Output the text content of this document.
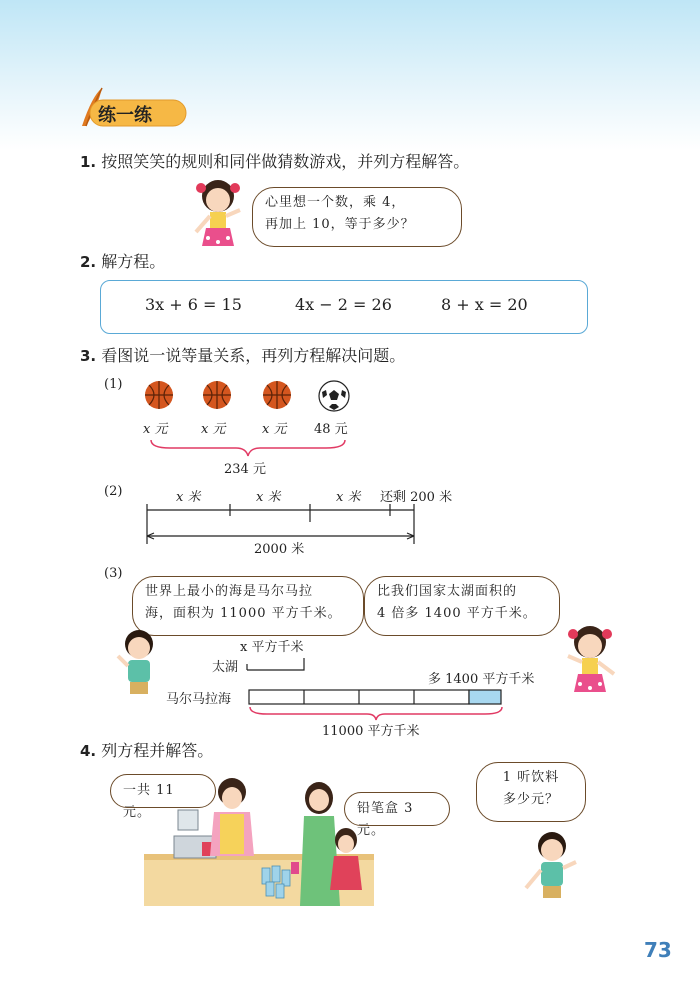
练一练
1. 按照笑笑的规则和同伴做猜数游戏，并列方程解答。
心里想一个数，乘 4，
再加上 10，等于多少？
2. 解方程。
3x + 6 = 15	4x − 2 = 26	8 + x = 20
3. 看图说一说等量关系，再列方程解决问题。
(1)
x 元	x 元	x 元 48 元
234 元
(2)	x 米	x 米	x 米 还剩 200 米
2000 米
(3)
世界上最小的海是马尔马拉
海，面积为 11000 平方千米。
比我们国家太湖面积的
4 倍多 1400 平方千米。
x 平方千米
太湖
多 1400 平方千米
马尔马拉海
11000 平方千米
4. 列方程并解答。
一共 11 元。	铅笔盒 3 元。
1 听饮料
多少元？
73
